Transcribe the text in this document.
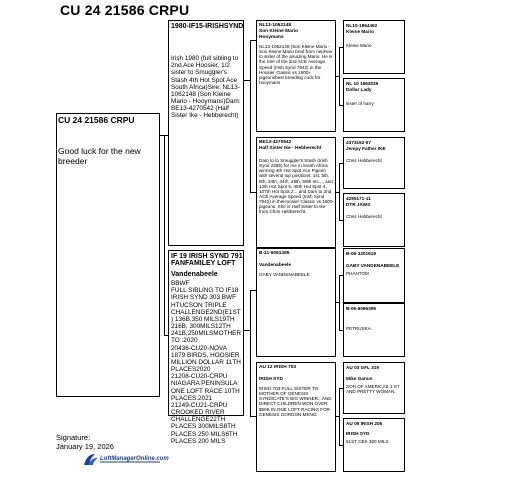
CU 24 21586 CRPU
CU 24 21586 CRPU
Good luck for the new breeder
1980-IF15-IRISHSYND
Irish 1980 (full sibling to 2nd Ace Hoosier, 1/2 sister to Smuggler's Stash 4th Hot Spot Ace South Africa)Sire: NL13-1062148 (Son Kleine Mario - Hooymans)Dam: BE13-4270542 (Half Sister Ike - Hebberecht)
IF 19 IRISH SYND 791 FANFAMILEY LOFT
Vandenabeele
BBWF
FULL SIBLING TO IF18 IRISH SYND 303 BWF HTUCSON TRIPLE CHALLENGE2ND(E1ST ) 136B,350 MILS19TH 216B, 300MILS12TH 241B,250MILSMOTHER TO :2020
20436-CU20-NOVA
1879 BIRDS, HOOSIER MILLION DOLLAR 11TH PLACES2020
21208-CU20-CRPU NIAGARA PENINSULA ONE LOFT RACE 10TH PLACES.2021
21249-CU21-CRPU CROOKED RIVER CHALLENGE22TH PLACES 300MILS8TH PLACES 250 MILS6TH PLACES 200 MILS
NL13-1062148
Son Kleine Mario
Hooymans
NL13-1062148 (Son Kleine Mario -Son Kleine Mario bred from nephew to sister of the amazing Mario. He is the Sire of the 2nd ACE Average Speed (Irish Synd 7942) in the Hoosier Classic vs 1600+ pigeonsbest breeding cock for hooymans
BE13-4270542
Half Sister Ike - Hebberecht
Dam to to Smuggler's Stash (Irish Synd 2355) for me in South Africa winning 4th Hot Spot Ace Pigeon with several top positions: 1st, 5th, 8th, 34th, 34th, 49th, 69th etc..., and 12th Hot Spot 5, 45th Hot Spot 4, 107th Hot Spot 2... and Dam to 2nd ACE Average Speed (Irish Synd 7942) in theHoosier Classic vs 1600- pigeons. She is Half Sister to Ike from Chris Hebberecht.
B-11-6061365
Vandenabeele
GABY VANDENABEELE
AU 12 IRISH 703
IRISH SYD
IRISH 703-FULL SISTER TO MOTHER OF GENESIS SYNDICATE'S BIG WINNER...AND DIRECT CHILDREN WON OVER $50K IN ONE LOFT RACING FOR GENESIS GORDON MENG.
NL10-1864462
Kleine Mario
Kleine Mario
NL 10 1864539
Dollar Lady
sister of harry
4373192-07
Jempy Father IKE
Chris Hebberecht
4290171-11
DTR JAWS
Chris Hebberecht
B-06-3201619
GABY VANDENABEELE
PHANTOM
B-06-6096399
PETRUSKA
AU 03 GFL 319
Mike Ganus
SON OF AMERICAS 1 ST AND PRETTY WOMAN.
AU 09 IRISH 206
IRISH SYD
51ST CBS 300 MILS
Signature:
January 19, 2026
LoftManagerOnline.com
